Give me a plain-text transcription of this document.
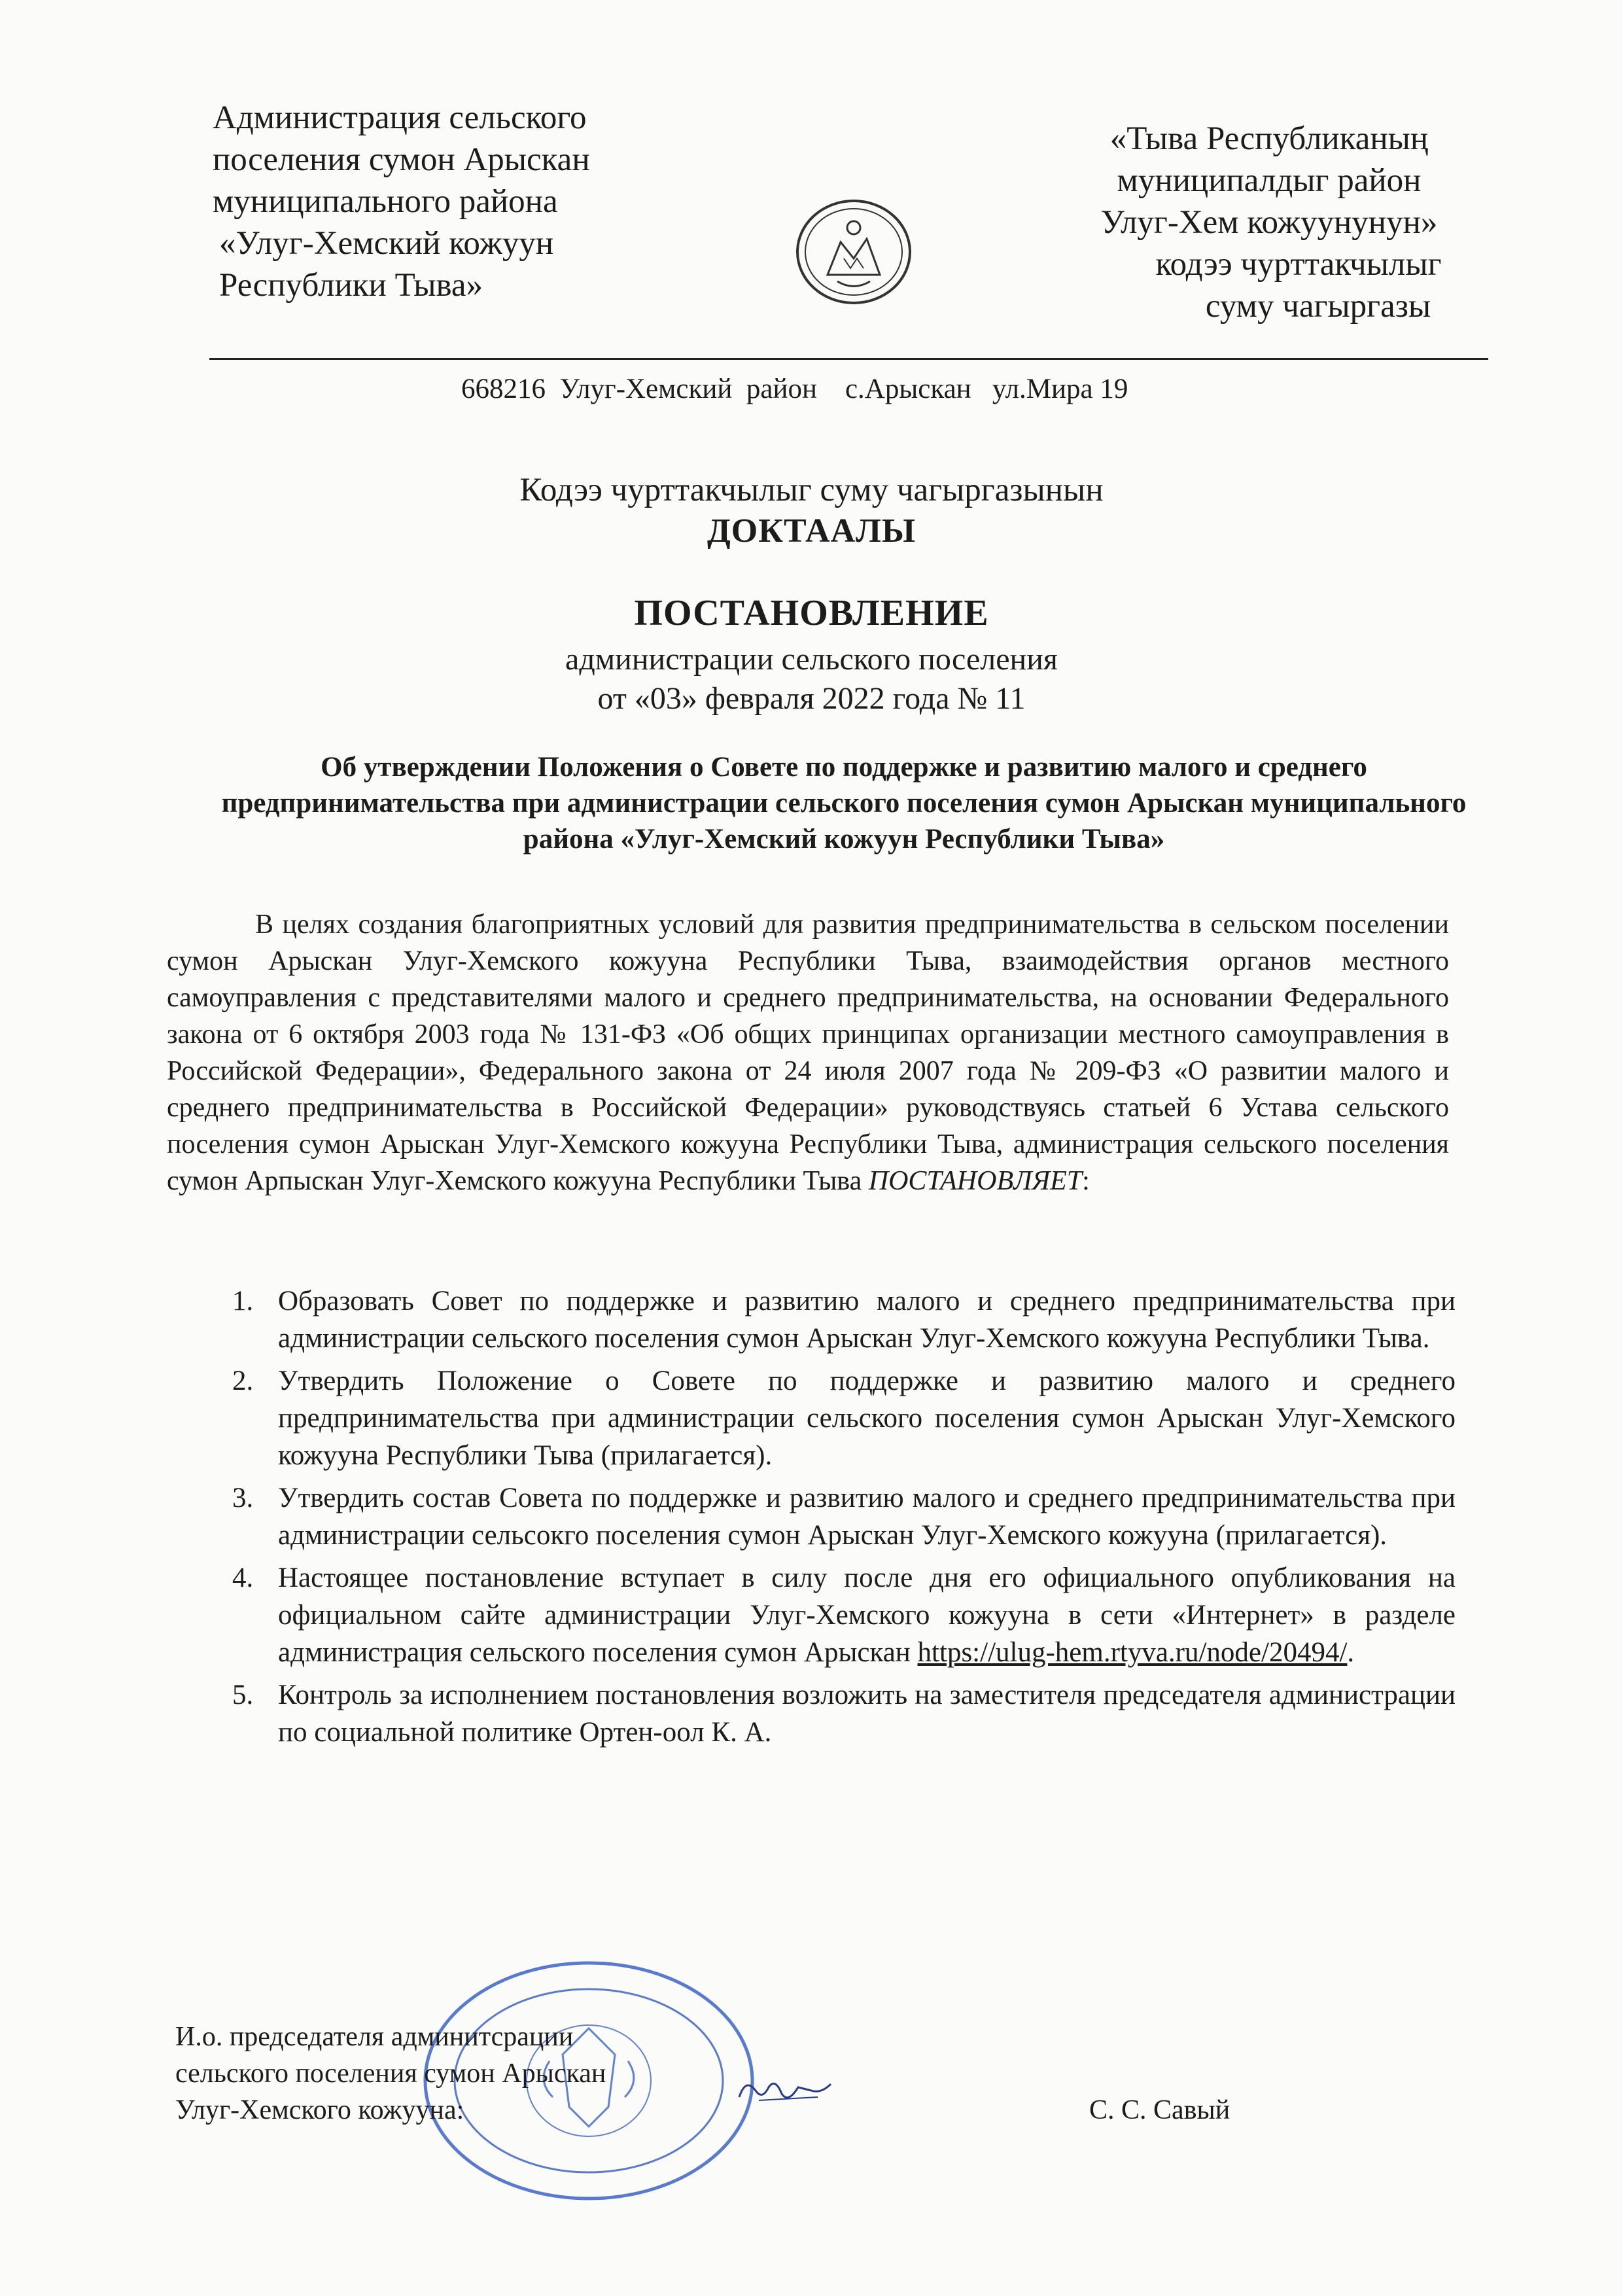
Администрация сельского
поселения сумон Арыскан
муниципального района
«Улуг-Хемский кожуун
Республики Тыва»
«Тыва Республиканың
муниципалдыг район
Улуг-Хем кожуунунун»
кодээ чурттакчылыг
суму чагыргазы
668216  Улуг-Хемский  район    с.Арыскан   ул.Мира 19
Кодээ чурттакчылыг суму чагыргазынын
ДОКТААЛЫ
ПОСТАНОВЛЕНИЕ
администрации сельского поселения
от «03» февраля 2022 года № 11
Об утверждении Положения о Совете по поддержке и развитию малого и среднего предпринимательства при администрации сельского поселения сумон Арыскан муниципального района «Улуг-Хемский кожуун Республики Тыва»
В целях создания благоприятных условий для развития предпринимательства в сельском поселении сумон Арыскан Улуг-Хемского кожууна Республики Тыва, взаимодействия органов местного самоуправления с представителями малого и среднего предпринимательства, на основании Федерального закона от 6 октября 2003 года № 131-ФЗ «Об общих принципах организации местного самоуправления в Российской Федерации», Федерального закона от 24 июля 2007 года № 209-ФЗ «О развитии малого и среднего предпринимательства в Российской Федерации» руководствуясь статьей 6 Устава сельского поселения сумон Арыскан Улуг-Хемского кожууна Республики Тыва, администрация сельского поселения сумон Арпыскан Улуг-Хемского кожууна Республики Тыва ПОСТАНОВЛЯЕТ:
1. Образовать Совет по поддержке и развитию малого и среднего предпринимательства при администрации сельского поселения сумон Арыскан Улуг-Хемского кожууна Республики Тыва.
2. Утвердить Положение о Совете по поддержке и развитию малого и среднего предпринимательства при администрации сельского поселения сумон Арыскан Улуг-Хемского кожууна Республики Тыва (прилагается).
3. Утвердить состав Совета по поддержке и развитию малого и среднего предпринимательства при администрации сельсокго поселения сумон Арыскан Улуг-Хемского кожууна (прилагается).
4. Настоящее постановление вступает в силу после дня его официального опубликования на официальном сайте администрации Улуг-Хемского кожууна в сети «Интернет» в разделе администрация сельского поселения сумон Арыскан https://ulug-hem.rtyva.ru/node/20494/.
5. Контроль за исполнением постановления возложить на заместителя председателя администрации по социальной политике Ортен-оол К. А.
И.о. председателя админитсрации
сельского поселения сумон Арыскан
Улуг-Хемского кожууна:	С. С. Савый
